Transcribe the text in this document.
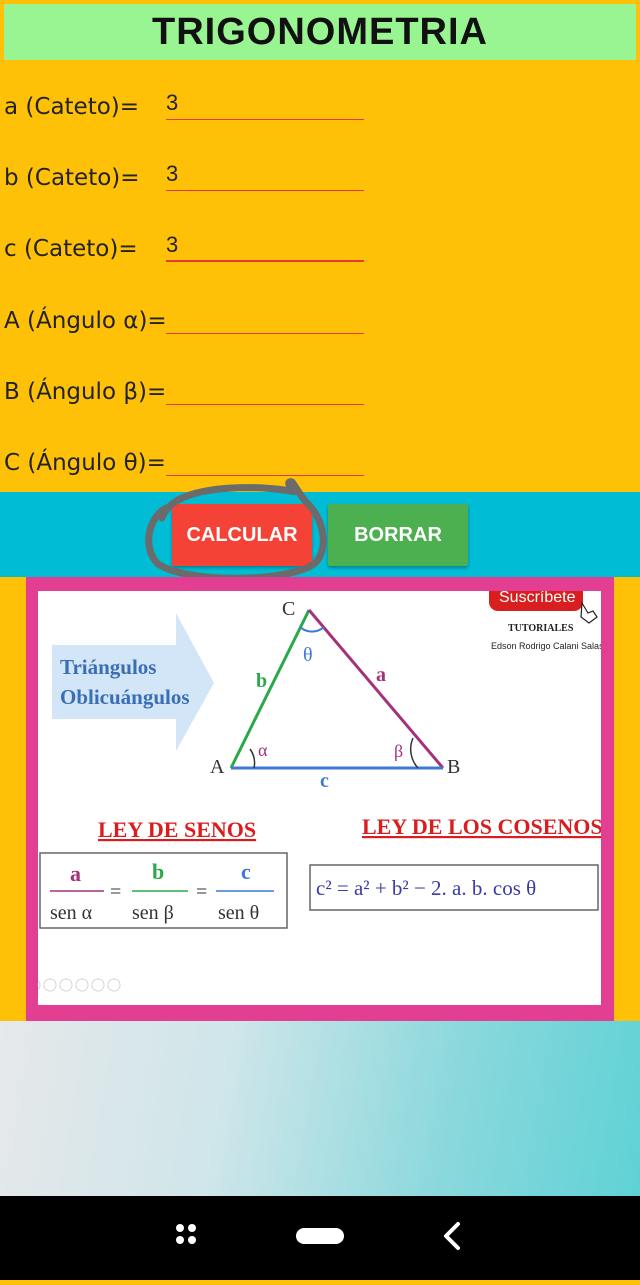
TRIGONOMETRIA
a (Cateto)= 3
b (Cateto)= 3
c (Cateto)= 3
A (Ángulo α)=
B (Ángulo β)=
C (Ángulo θ)=
CALCULAR	BORRAR
Triángulos
Oblicuángulos
C
A	B
b	a
c
α	β
θ
Suscríbete
TUTORIALES
Edson Rodrigo Calani Salas
LEY DE SENOS	LEY DE LOS COSENOS
a	b	c
=	=
sen α sen β sen θ
c² = a² + b² − 2. a. b. cos θ
